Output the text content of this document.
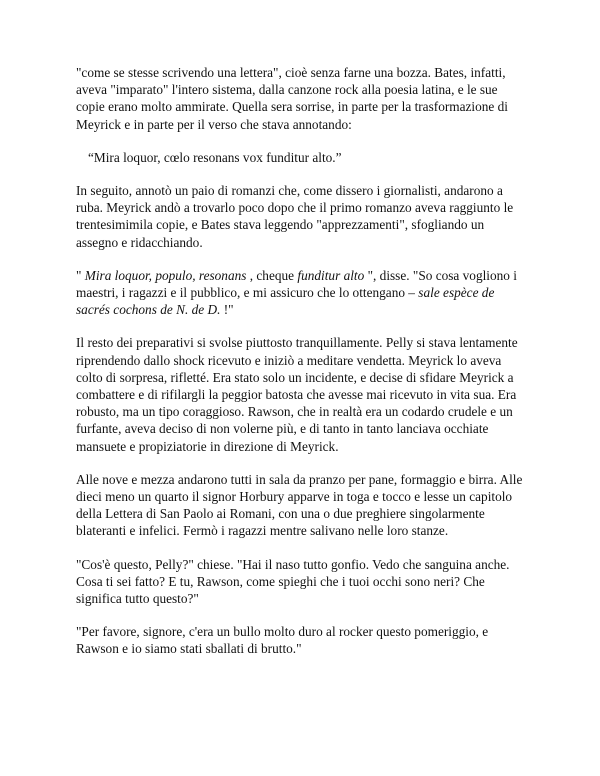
"come se stesse scrivendo una lettera", cioè senza farne una bozza. Bates, infatti, aveva "imparato" l'intero sistema, dalla canzone rock alla poesia latina, e le sue copie erano molto ammirate. Quella sera sorrise, in parte per la trasformazione di Meyrick e in parte per il verso che stava annotando:

“Mira loquor, cœlo resonans vox funditur alto.”

In seguito, annotò un paio di romanzi che, come dissero i giornalisti, andarono a ruba. Meyrick andò a trovarlo poco dopo che il primo romanzo aveva raggiunto le trentesimimila copie, e Bates stava leggendo "apprezzamenti", sfogliando un assegno e ridacchiando.

" Mira loquor, populo, resonans , cheque funditur alto ", disse. "So cosa vogliono i maestri, i ragazzi e il pubblico, e mi assicuro che lo ottengano – sale espèce de sacrés cochons de N. de D. !"

Il resto dei preparativi si svolse piuttosto tranquillamente. Pelly si stava lentamente riprendendo dallo shock ricevuto e iniziò a meditare vendetta. Meyrick lo aveva colto di sorpresa, rifletté. Era stato solo un incidente, e decise di sfidare Meyrick a combattere e di rifilargli la peggior batosta che avesse mai ricevuto in vita sua. Era robusto, ma un tipo coraggioso. Rawson, che in realtà era un codardo crudele e un furfante, aveva deciso di non volerne più, e di tanto in tanto lanciava occhiate mansuete e propiziatorie in direzione di Meyrick.

Alle nove e mezza andarono tutti in sala da pranzo per pane, formaggio e birra. Alle dieci meno un quarto il signor Horbury apparve in toga e tocco e lesse un capitolo della Lettera di San Paolo ai Romani, con una o due preghiere singolarmente blateranti e infelici. Fermò i ragazzi mentre salivano nelle loro stanze.

"Cos'è questo, Pelly?" chiese. "Hai il naso tutto gonfio. Vedo che sanguina anche. Cosa ti sei fatto? E tu, Rawson, come spieghi che i tuoi occhi sono neri? Che significa tutto questo?"

"Per favore, signore, c'era un bullo molto duro al rocker questo pomeriggio, e Rawson e io siamo stati sballati di brutto."
